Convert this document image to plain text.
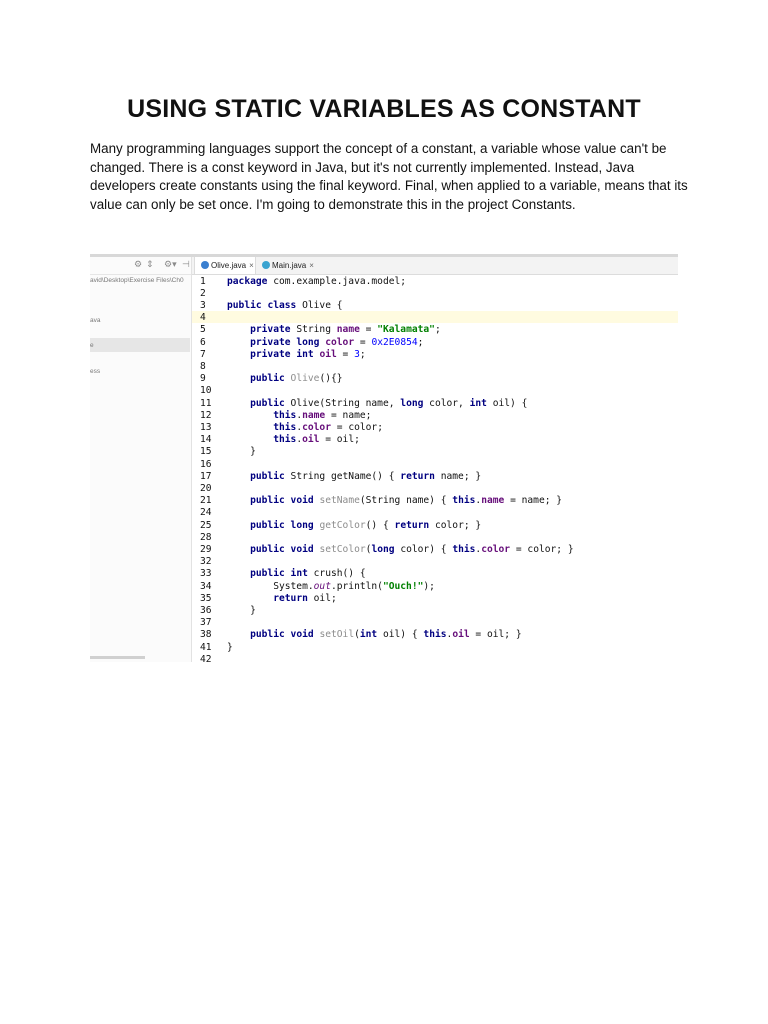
USING STATIC VARIABLES AS CONSTANT

Many programming languages support the concept of a constant, a variable whose value can't be changed. There is a const keyword in Java, but it's not currently implemented. Instead, Java developers create constants using the final keyword. Final, when applied to a variable, means that its value can only be set once. I'm going to demonstrate this in the project Constants.

⚙ ⇕ ⚙▾ ⊣
avid\Desktop\Exercise Files\Ch0
ava
e
ess
Olive.java ×	Main.java ×
1	package com.example.java.model;
2
3	public class Olive {
4
5	private String name = "Kalamata";
6	private long color = 0x2E0854;
7	private int oil = 3;
8
9	public Olive(){}
10
11	public Olive(String name, long color, int oil) {
12	this.name = name;
13	this.color = color;
14	this.oil = oil;
15	}
16
17	public String getName() { return name; }
20
21	public void setName(String name) { this.name = name; }
24
25	public long getColor() { return color; }
28
29	public void setColor(long color) { this.color = color; }
32
33	public int crush() {
34	System.out.println("Ouch!");
35	return oil;
36	}
37
38	public void setOil(int oil) { this.oil = oil; }
41	}
42
